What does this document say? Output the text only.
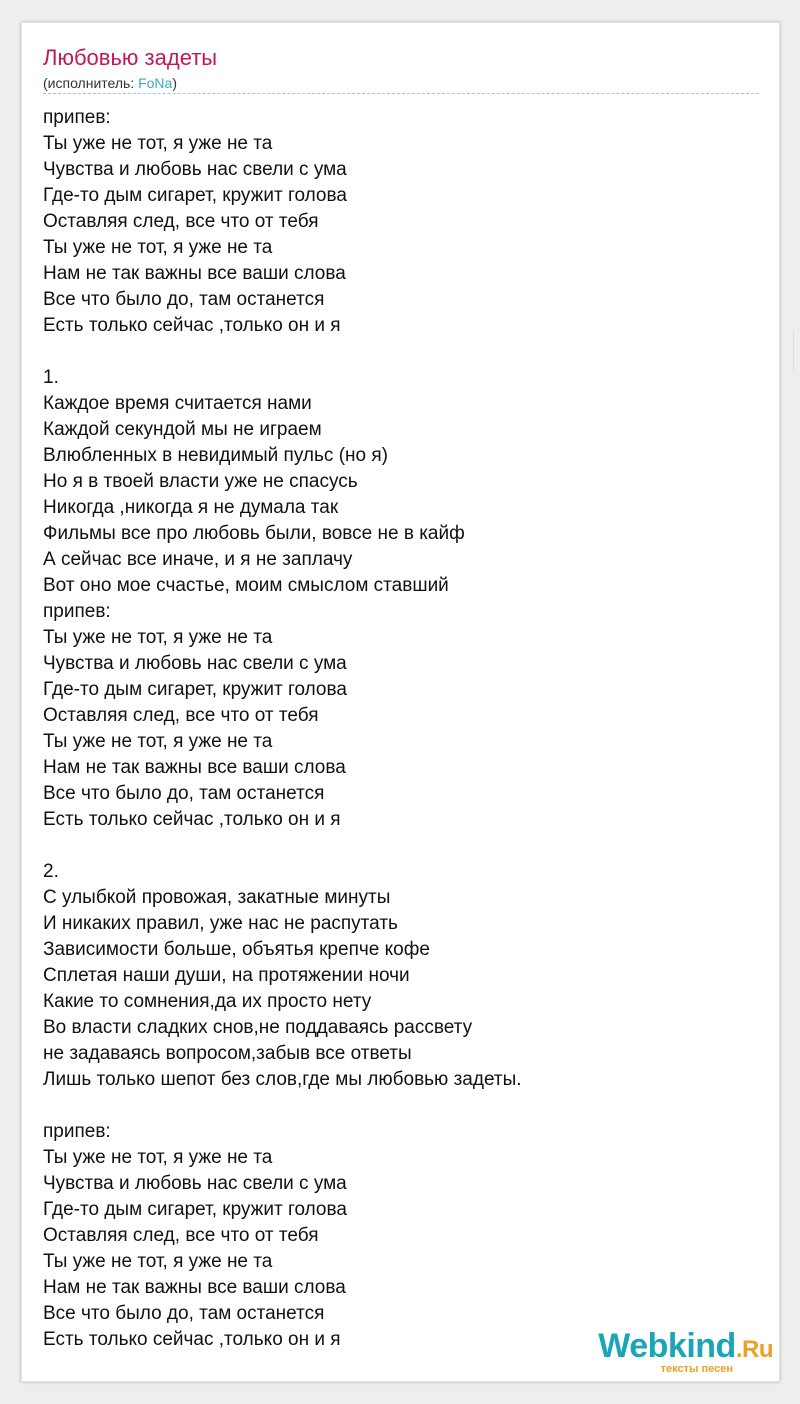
Любовью задеты
(исполнитель: FoNa)
припев:
Ты уже не тот, я уже не та
Чувства и любовь нас свели с ума
Где-то дым сигарет, кружит голова
Оставляя след, все что от тебя
Ты уже не тот, я уже не та
Нам не так важны все ваши слова
Все что было до, там останется
Есть только сейчас ,только он и я
1.
Каждое время считается нами
Каждой секундой мы не играем
Влюбленных в невидимый пульс (но я)
Но я в твоей власти уже не спасусь
Никогда ,никогда я не думала так
Фильмы все про любовь были, вовсе не в кайф
А сейчас все иначе, и я не заплачу
Вот оно мое счастье, моим смыслом ставший
припев:
Ты уже не тот, я уже не та
Чувства и любовь нас свели с ума
Где-то дым сигарет, кружит голова
Оставляя след, все что от тебя
Ты уже не тот, я уже не та
Нам не так важны все ваши слова
Все что было до, там останется
Есть только сейчас ,только он и я
2.
С улыбкой провожая, закатные минуты
И никаких правил, уже нас не распутать
Зависимости больше, объятья крепче кофе
Сплетая наши души, на протяжении ночи
Какие то сомнения,да их просто нету
Во власти сладких снов,не поддаваясь рассвету
не задаваясь вопросом,забыв все ответы
Лишь только шепот без слов,где мы любовью задеты.
припев:
Ты уже не тот, я уже не та
Чувства и любовь нас свели с ума
Где-то дым сигарет, кружит голова
Оставляя след, все что от тебя
Ты уже не тот, я уже не та
Нам не так важны все ваши слова
Все что было до, там останется
Есть только сейчас ,только он и я	Webkind.Ru
тексты песен
